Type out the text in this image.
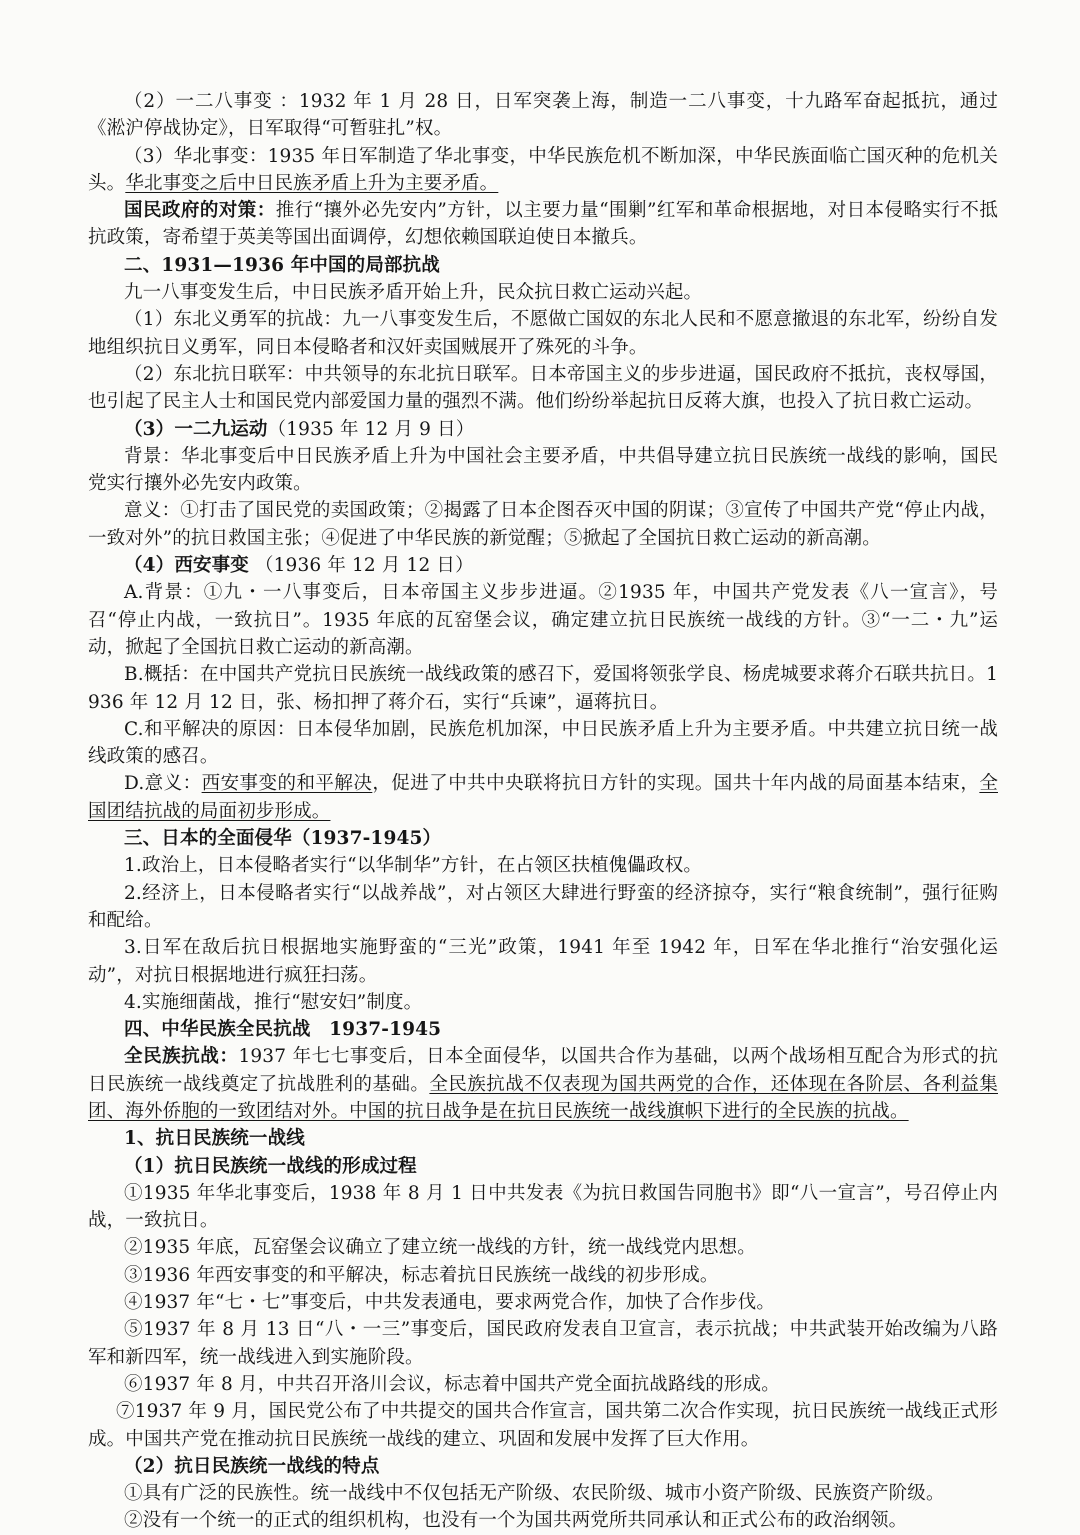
（2）一二八事变 ：1932 年 1 月 28 日，日军突袭上海，制造一二八事变，十九路军奋起抵抗，通过《淞沪停战协定》，日军取得“可暂驻扎”权。

（3）华北事变：1935 年日军制造了华北事变，中华民族危机不断加深，中华民族面临亡国灭种的危机关头。华北事变之后中日民族矛盾上升为主要矛盾。

国民政府的对策：推行“攘外必先安内”方针，以主要力量“围剿”红军和革命根据地，对日本侵略实行不抵抗政策，寄希望于英美等国出面调停，幻想依赖国联迫使日本撤兵。

二、1931—1936 年中国的局部抗战

九一八事变发生后，中日民族矛盾开始上升，民众抗日救亡运动兴起。

（1）东北义勇军的抗战：九一八事变发生后，不愿做亡国奴的东北人民和不愿意撤退的东北军，纷纷自发地组织抗日义勇军，同日本侵略者和汉奸卖国贼展开了殊死的斗争。

（2）东北抗日联军：中共领导的东北抗日联军。日本帝国主义的步步进逼，国民政府不抵抗，丧权辱国，也引起了民主人士和国民党内部爱国力量的强烈不满。他们纷纷举起抗日反蒋大旗，也投入了抗日救亡运动。

（3）一二九运动（1935 年 12 月 9 日）

背景：华北事变后中日民族矛盾上升为中国社会主要矛盾，中共倡导建立抗日民族统一战线的影响，国民党实行攘外必先安内政策。

意义：①打击了国民党的卖国政策；②揭露了日本企图吞灭中国的阴谋；③宣传了中国共产党“停止内战，一致对外”的抗日救国主张；④促进了中华民族的新觉醒；⑤掀起了全国抗日救亡运动的新高潮。

（4）西安事变 （1936 年 12 月 12 日）

A.背景：①九・一八事变后，日本帝国主义步步进逼。②1935 年，中国共产党发表《八一宣言》，号召“停止内战，一致抗日”。1935 年底的瓦窑堡会议，确定建立抗日民族统一战线的方针。③“一二・九”运动，掀起了全国抗日救亡运动的新高潮。

B.概括：在中国共产党抗日民族统一战线政策的感召下，爱国将领张学良、杨虎城要求蒋介石联共抗日。1936 年 12 月 12 日，张、杨扣押了蒋介石，实行“兵谏”，逼蒋抗日。

C.和平解决的原因：日本侵华加剧，民族危机加深，中日民族矛盾上升为主要矛盾。中共建立抗日统一战线政策的感召。

D.意义：西安事变的和平解决，促进了中共中央联将抗日方针的实现。国共十年内战的局面基本结束，全国团结抗战的局面初步形成。

三、日本的全面侵华（1937-1945）

1.政治上，日本侵略者实行“以华制华”方针，在占领区扶植傀儡政权。

2.经济上，日本侵略者实行“以战养战”，对占领区大肆进行野蛮的经济掠夺，实行“粮食统制”，强行征购和配给。

3.日军在敌后抗日根据地实施野蛮的“三光”政策，1941 年至 1942 年，日军在华北推行“治安强化运动”，对抗日根据地进行疯狂扫荡。

4.实施细菌战，推行“慰安妇”制度。

四、中华民族全民抗战　1937-1945

全民族抗战：1937 年七七事变后，日本全面侵华，以国共合作为基础，以两个战场相互配合为形式的抗日民族统一战线奠定了抗战胜利的基础。全民族抗战不仅表现为国共两党的合作，还体现在各阶层、各利益集团、海外侨胞的一致团结对外。中国的抗日战争是在抗日民族统一战线旗帜下进行的全民族的抗战。

1、抗日民族统一战线

（1）抗日民族统一战线的形成过程

①1935 年华北事变后，1938 年 8 月 1 日中共发表《为抗日救国告同胞书》即“八一宣言”，号召停止内战，一致抗日。

②1935 年底，瓦窑堡会议确立了建立统一战线的方针，统一战线党内思想。

③1936 年西安事变的和平解决，标志着抗日民族统一战线的初步形成。

④1937 年“七・七”事变后，中共发表通电，要求两党合作，加快了合作步伐。

⑤1937 年 8 月 13 日“八・一三”事变后，国民政府发表自卫宣言，表示抗战；中共武装开始改编为八路军和新四军，统一战线进入到实施阶段。

⑥1937 年 8 月，中共召开洛川会议，标志着中国共产党全面抗战路线的形成。

⑦1937 年 9 月，国民党公布了中共提交的国共合作宣言，国共第二次合作实现，抗日民族统一战线正式形成。中国共产党在推动抗日民族统一战线的建立、巩固和发展中发挥了巨大作用。

（2）抗日民族统一战线的特点

①具有广泛的民族性。统一战线中不仅包括无产阶级、农民阶级、城市小资产阶级、民族资产阶级。

②没有一个统一的正式的组织机构，也没有一个为国共两党所共同承认和正式公布的政治纲领。
